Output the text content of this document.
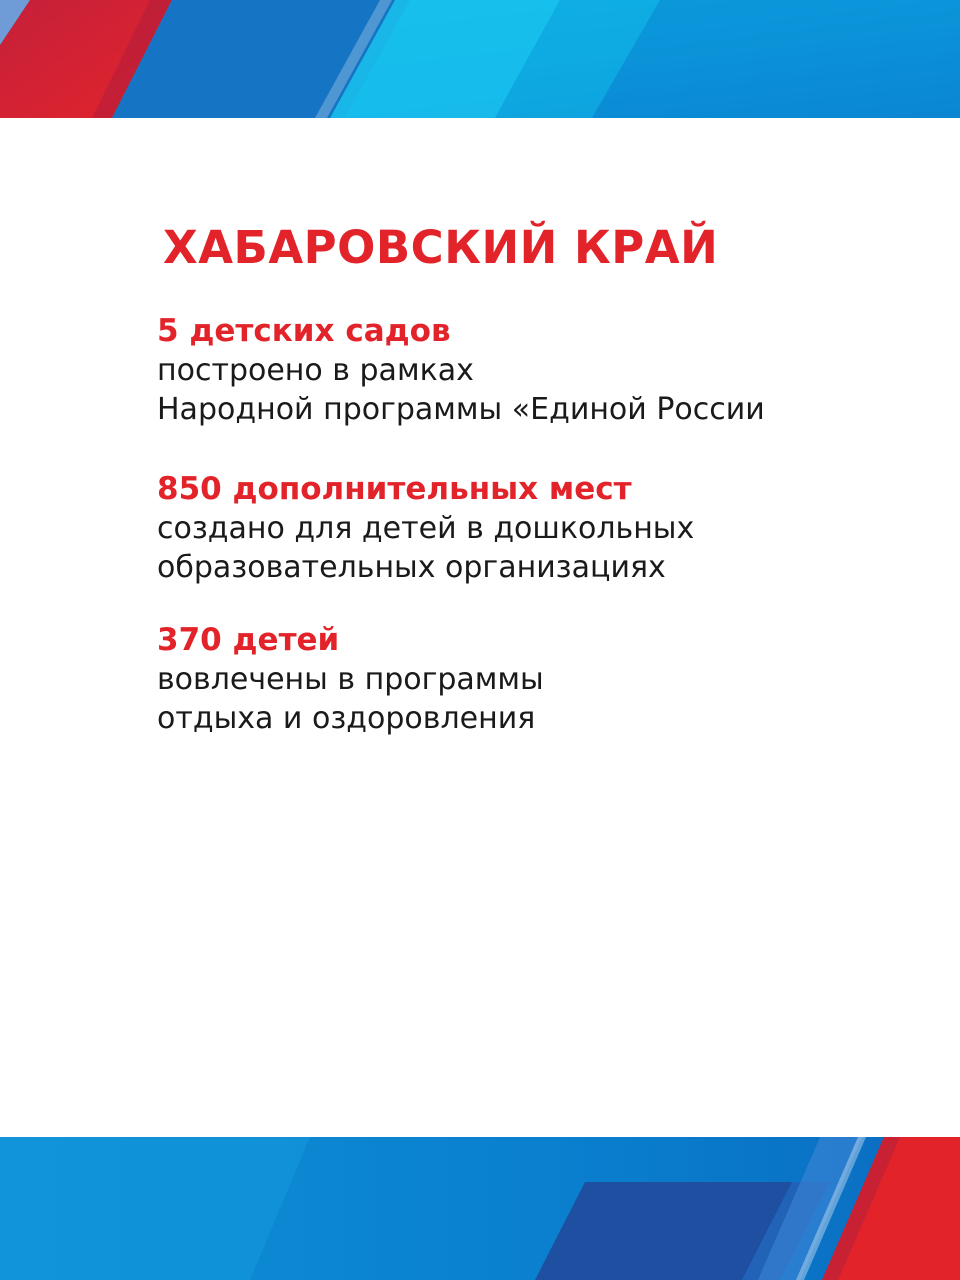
ХАБАРОВСКИЙ КРАЙ

5 детских садов

построено в рамках

Народной программы «Единой России

850 дополнительных мест

создано для детей в дошкольных

образовательных организациях

370 детей

вовлечены в программы

отдыха и оздоровления
